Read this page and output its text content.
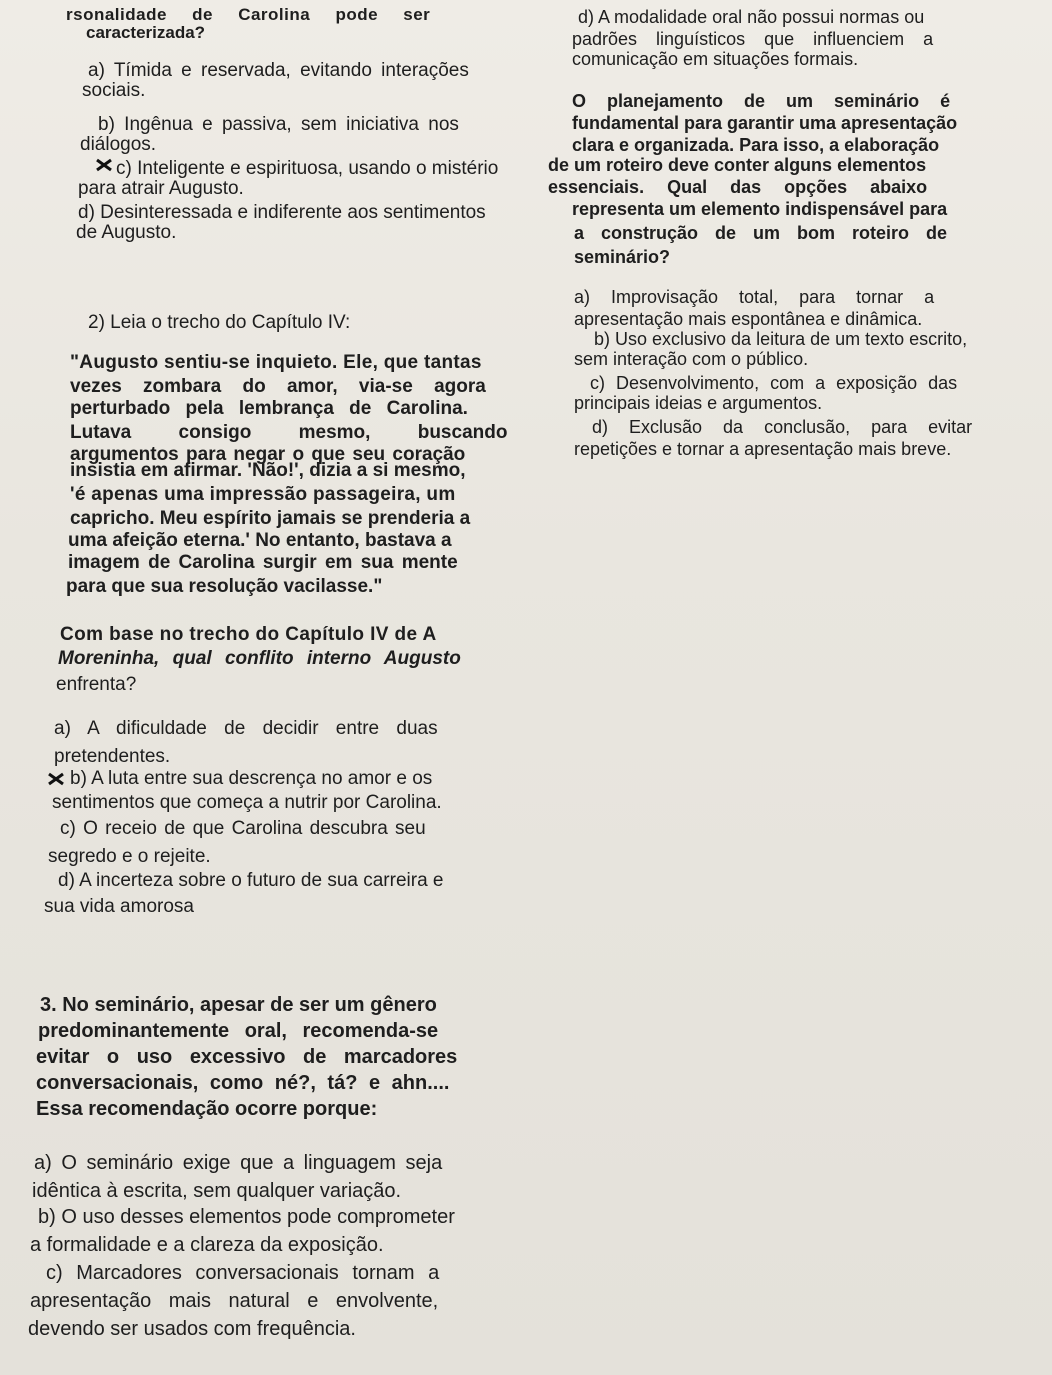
rsonalidade de Carolina pode ser
caracterizada?
a) Tímida e reservada, evitando interações
sociais.
b) Ingênua e passiva, sem iniciativa nos
diálogos.
c) Inteligente e espirituosa, usando o mistério
para atrair Augusto.
d) Desinteressada e indiferente aos sentimentos
de Augusto.
2) Leia o trecho do Capítulo IV:
"Augusto sentiu-se inquieto. Ele, que tantas
vezes zombara do amor, via-se agora
perturbado pela lembrança de Carolina.
Lutava consigo mesmo, buscando
argumentos para negar o que seu coração
insistia em afirmar. 'Não!', dizia a si mesmo,
'é apenas uma impressão passageira, um
capricho. Meu espírito jamais se prenderia a
uma afeição eterna.' No entanto, bastava a
imagem de Carolina surgir em sua mente
para que sua resolução vacilasse."
Com base no trecho do Capítulo IV de A
Moreninha, qual conflito interno Augusto
enfrenta?
a) A dificuldade de decidir entre duas
pretendentes.
b) A luta entre sua descrença no amor e os
sentimentos que começa a nutrir por Carolina.
c) O receio de que Carolina descubra seu
segredo e o rejeite.
d) A incerteza sobre o futuro de sua carreira e
sua vida amorosa
3. No seminário, apesar de ser um gênero
predominantemente oral, recomenda-se
evitar o uso excessivo de marcadores
conversacionais, como né?, tá? e ahn....
Essa recomendação ocorre porque:
a) O seminário exige que a linguagem seja
idêntica à escrita, sem qualquer variação.
b) O uso desses elementos pode comprometer
a formalidade e a clareza da exposição.
c) Marcadores conversacionais tornam a
apresentação mais natural e envolvente,
devendo ser usados com frequência.
d) A modalidade oral não possui normas ou
padrões linguísticos que influenciem a
comunicação em situações formais.
O planejamento de um seminário é
fundamental para garantir uma apresentação
clara e organizada. Para isso, a elaboração
de um roteiro deve conter alguns elementos
essenciais. Qual das opções abaixo
representa um elemento indispensável para
a construção de um bom roteiro de
seminário?
a) Improvisação total, para tornar a
apresentação mais espontânea e dinâmica.
b) Uso exclusivo da leitura de um texto escrito,
sem interação com o público.
c) Desenvolvimento, com a exposição das
principais ideias e argumentos.
d) Exclusão da conclusão, para evitar
repetições e tornar a apresentação mais breve.
